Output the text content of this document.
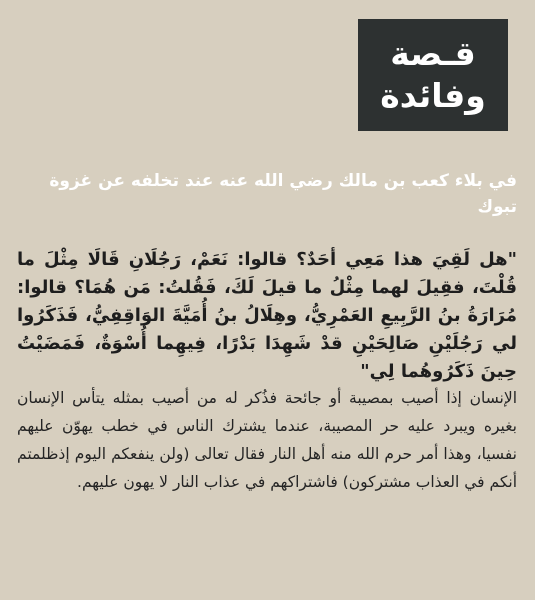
قـصة
وفائدة
في بلاء كعب بن مالك رضي الله عنه عند تخلفه عن غزوة تبوك
"هل لَقِيَ هذا مَعِي أحَدٌ؟ قالوا: نَعَمْ، رَجُلَانِ قَالَا مِثْلَ ما قُلْتَ، فقِيلَ لهما مِثْلُ ما قيلَ لَكَ، فَقُلتُ: مَن هُمَا؟ قالوا: مُرَارَةُ بنُ الرَّبِيعِ العَمْرِيُّ، وهِلَالُ بنُ أُمَيَّةَ الوَاقِفِيُّ، فَذَكَرُوا لي رَجُلَيْنِ صَالِحَيْنِ قدْ شَهِدَا بَدْرًا، فِيهِما أُسْوَةٌ، فَمَضَيْتُ حِينَ ذَكَرُوهُما لِي"
الإنسان إذا أصيب بمصيبة أو جائحة فذُكر له من أصيب بمثله يتأس الإنسان بغيره ويبرد عليه حر المصيبة، عندما يشترك الناس في خطب يهوّن عليهم نفسيا، وهذا أمر حرم الله منه أهل النار فقال تعالى (ولن ينفعكم اليوم إذظلمتم أنكم في العذاب مشتركون) فاشتراكهم في عذاب النار لا يهون عليهم.
